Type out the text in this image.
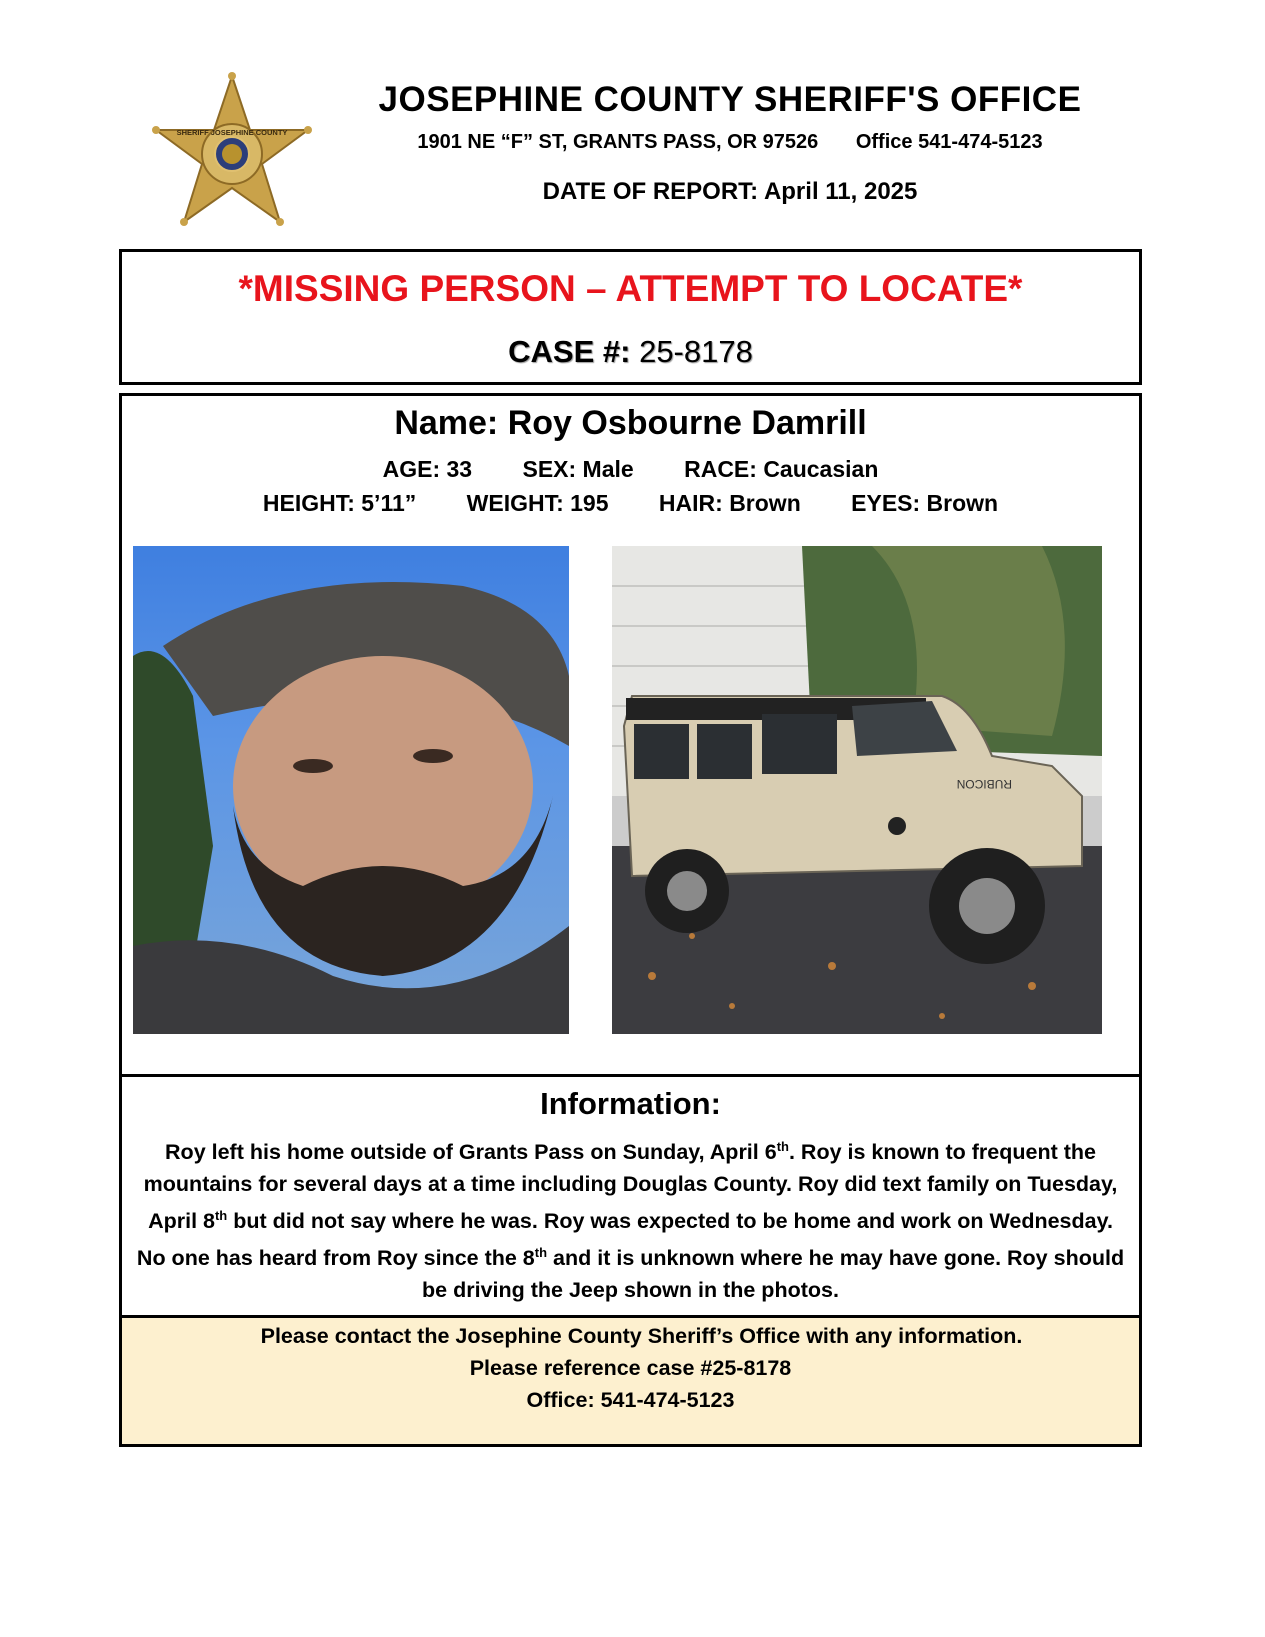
SHERIFF JOSEPHINE COUNTY
JOSEPHINE COUNTY SHERIFF'S OFFICE
1901 NE “F” ST, GRANTS PASS, OR 97526 Office 541-474-5123
DATE OF REPORT: April 11, 2025
*MISSING PERSON – ATTEMPT TO LOCATE*
CASE #: 25-8178
Name: Roy Osbourne Damrill
AGE: 33 SEX: Male RACE: Caucasian
HEIGHT: 5’11” WEIGHT: 195 HAIR: Brown EYES: Brown
RUBICON
Information:
Roy left his home outside of Grants Pass on Sunday, April 6th. Roy is known to frequent the mountains for several days at a time including Douglas County. Roy did text family on Tuesday, April 8th but did not say where he was. Roy was expected to be home and work on Wednesday. No one has heard from Roy since the 8th and it is unknown where he may have gone. Roy should be driving the Jeep shown in the photos.
Please contact the Josephine County Sheriff’s Office with any information.
Please reference case #25-8178
Office: 541-474-5123
